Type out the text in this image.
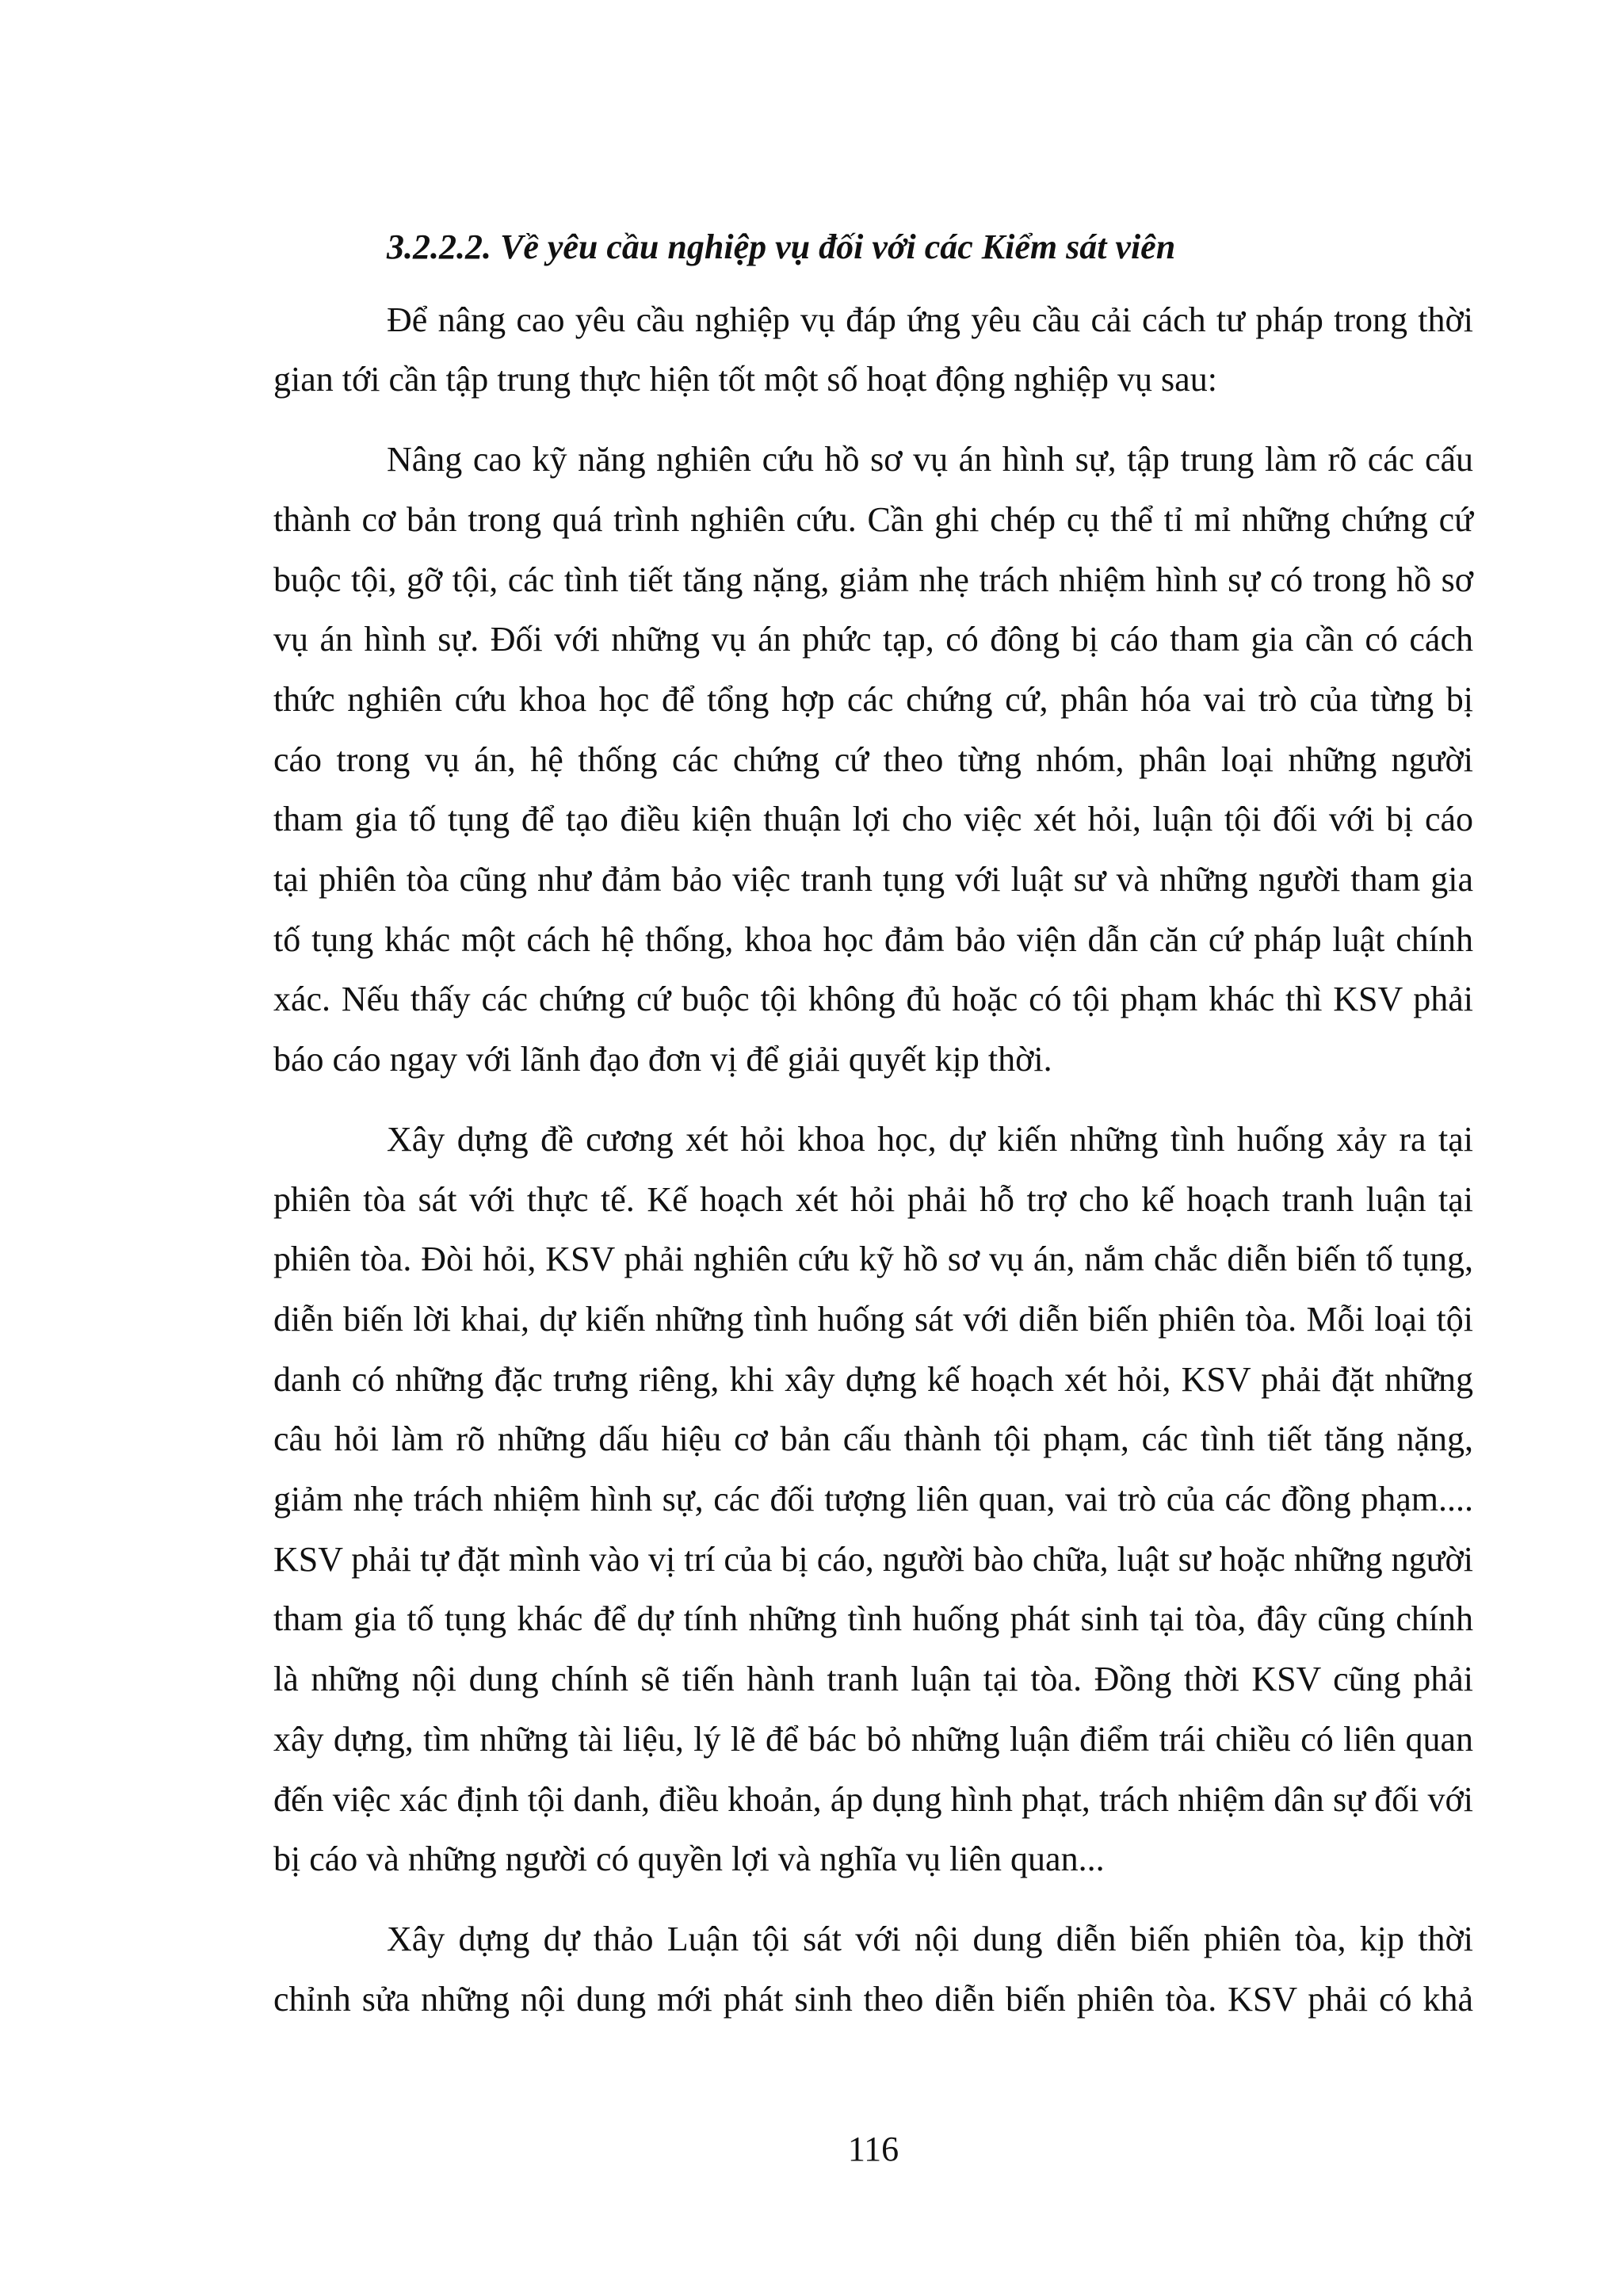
3.2.2.2. Về yêu cầu nghiệp vụ đối với các Kiểm sát viên
Để nâng cao yêu cầu nghiệp vụ đáp ứng yêu cầu cải cách tư pháp trong thời
gian tới cần tập trung thực hiện tốt một số hoạt động nghiệp vụ sau:
Nâng cao kỹ năng nghiên cứu hồ sơ vụ án hình sự, tập trung làm rõ các cấu
thành cơ bản trong quá trình nghiên cứu. Cần ghi chép cụ thể tỉ mỉ những chứng cứ
buộc tội, gỡ tội, các tình tiết tăng nặng, giảm nhẹ trách nhiệm hình sự có trong hồ sơ
vụ án hình sự. Đối với những vụ án phức tạp, có đông bị cáo tham gia cần có cách
thức nghiên cứu khoa học để tổng hợp các chứng cứ, phân hóa vai trò của từng bị
cáo trong vụ án, hệ thống các chứng cứ theo từng nhóm, phân loại những người
tham gia tố tụng để tạo điều kiện thuận lợi cho việc xét hỏi, luận tội đối với bị cáo
tại phiên tòa cũng như đảm bảo việc tranh tụng với luật sư và những người tham gia
tố tụng khác một cách hệ thống, khoa học đảm bảo viện dẫn căn cứ pháp luật chính
xác. Nếu thấy các chứng cứ buộc tội không đủ hoặc có tội phạm khác thì KSV phải
báo cáo ngay với lãnh đạo đơn vị để giải quyết kịp thời.
Xây dựng đề cương xét hỏi khoa học, dự kiến những tình huống xảy ra tại
phiên tòa sát với thực tế. Kế hoạch xét hỏi phải hỗ trợ cho kế hoạch tranh luận tại
phiên tòa. Đòi hỏi, KSV phải nghiên cứu kỹ hồ sơ vụ án, nắm chắc diễn biến tố tụng,
diễn biến lời khai, dự kiến những tình huống sát với diễn biến phiên tòa. Mỗi loại tội
danh có những đặc trưng riêng, khi xây dựng kế hoạch xét hỏi, KSV phải đặt những
câu hỏi làm rõ những dấu hiệu cơ bản cấu thành tội phạm, các tình tiết tăng nặng,
giảm nhẹ trách nhiệm hình sự, các đối tượng liên quan, vai trò của các đồng phạm....
KSV phải tự đặt mình vào vị trí của bị cáo, người bào chữa, luật sư hoặc những người
tham gia tố tụng khác để dự tính những tình huống phát sinh tại tòa, đây cũng chính
là những nội dung chính sẽ tiến hành tranh luận tại tòa. Đồng thời KSV cũng phải
xây dựng, tìm những tài liệu, lý lẽ để bác bỏ những luận điểm trái chiều có liên quan
đến việc xác định tội danh, điều khoản, áp dụng hình phạt, trách nhiệm dân sự đối với
bị cáo và những người có quyền lợi và nghĩa vụ liên quan...
Xây dựng dự thảo Luận tội sát với nội dung diễn biến phiên tòa, kịp thời
chỉnh sửa những nội dung mới phát sinh theo diễn biến phiên tòa. KSV phải có khả
116
